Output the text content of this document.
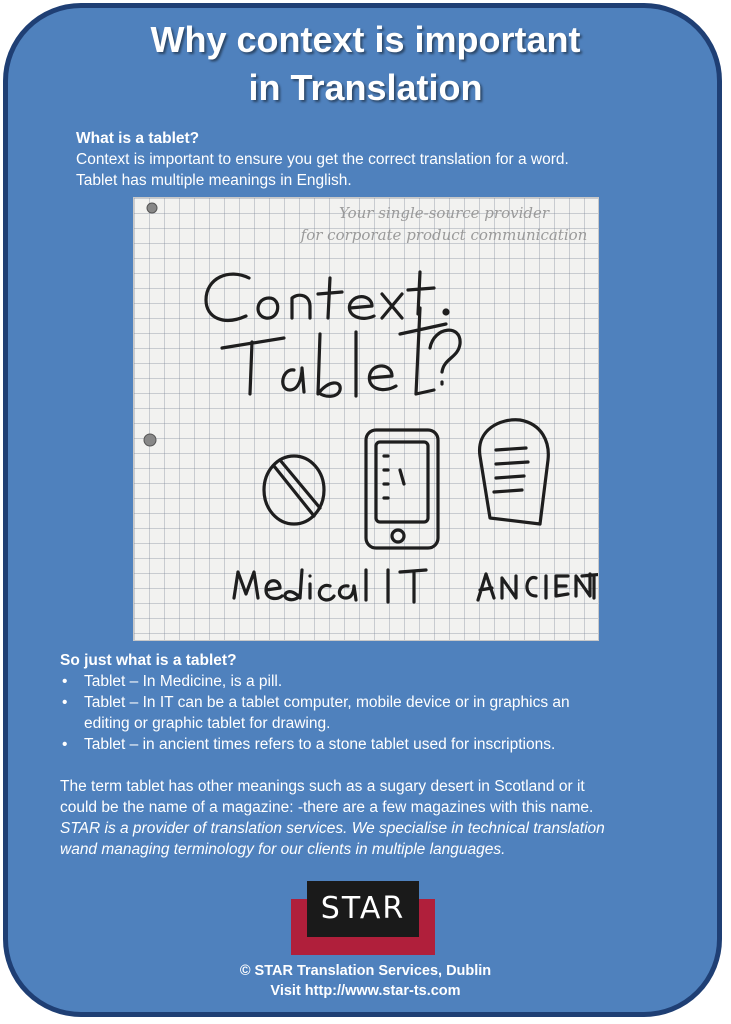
Why context is important
in Translation
What is a tablet?
Context is important to ensure you get the correct translation for a word.
Tablet has multiple meanings in English.
Your single-source provider
for corporate product communication
So just what is a tablet?
• Tablet – In Medicine, is a pill.
• Tablet – In IT can be a tablet computer, mobile device or in graphics an
editing or graphic tablet for drawing.
• Tablet – in ancient times refers to a stone tablet used for inscriptions.
The term tablet has other meanings such as a sugary desert in Scotland or it
could be the name of a magazine: -there are a few magazines with this name.
STAR is a provider of translation services. We specialise in technical translation
wand managing terminology for our clients in multiple languages.
STAR
© STAR Translation Services, Dublin
Visit http://www.star-ts.com
